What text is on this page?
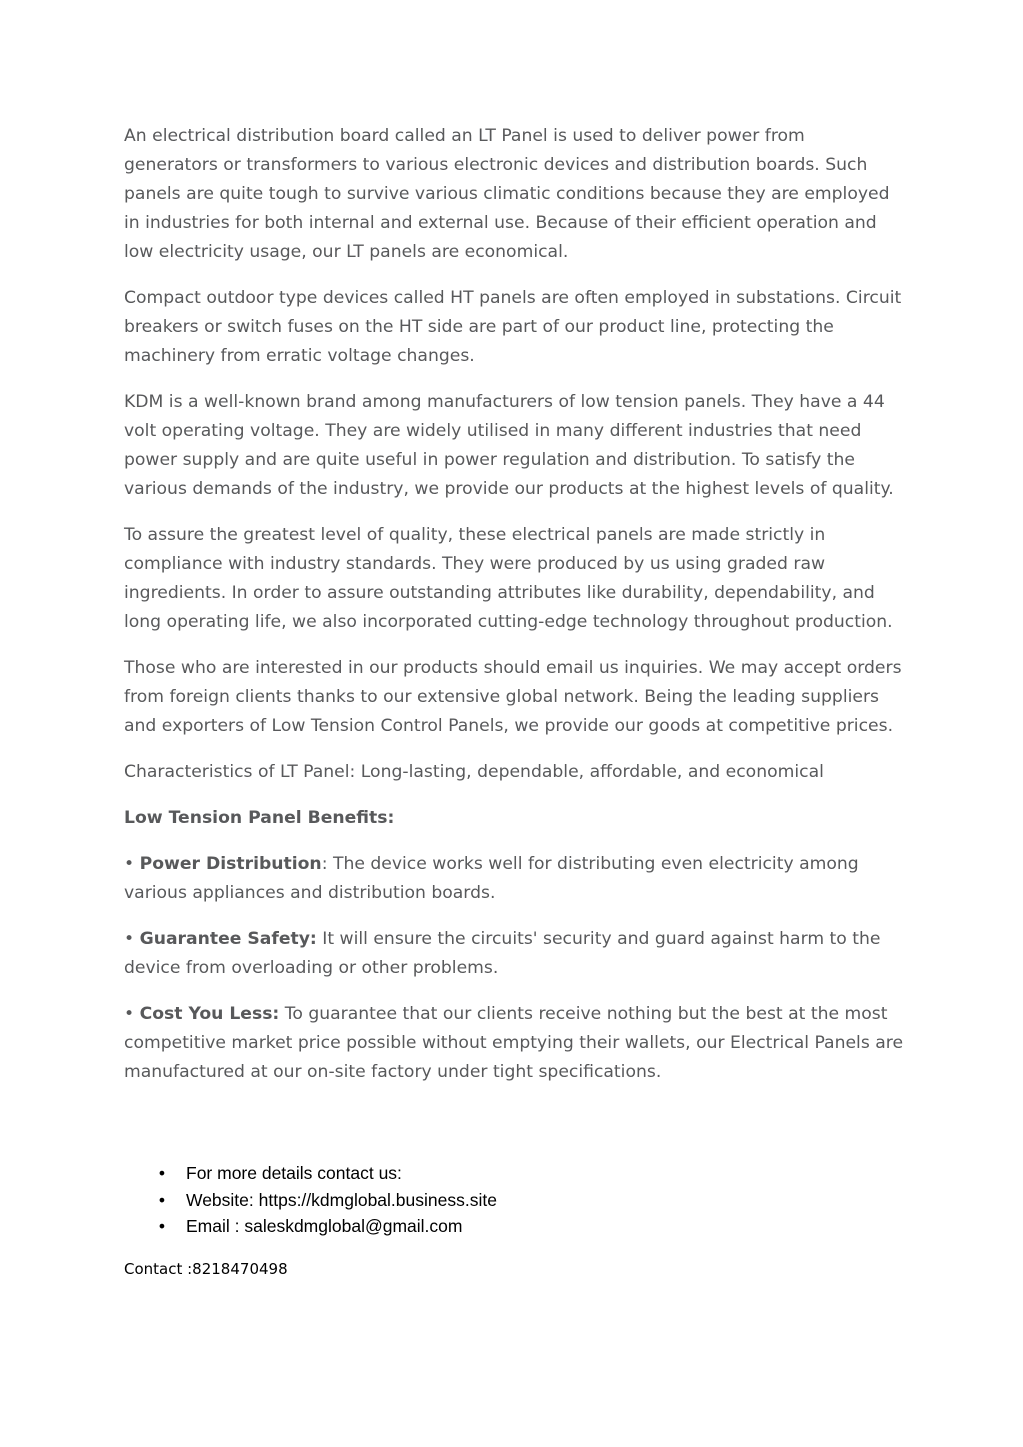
An electrical distribution board called an LT Panel is used to deliver power from generators or transformers to various electronic devices and distribution boards. Such panels are quite tough to survive various climatic conditions because they are employed in industries for both internal and external use. Because of their efficient operation and low electricity usage, our LT panels are economical.

Compact outdoor type devices called HT panels are often employed in substations. Circuit breakers or switch fuses on the HT side are part of our product line, protecting the machinery from erratic voltage changes.

KDM is a well-known brand among manufacturers of low tension panels. They have a 44 volt operating voltage. They are widely utilised in many different industries that need power supply and are quite useful in power regulation and distribution. To satisfy the various demands of the industry, we provide our products at the highest levels of quality.

To assure the greatest level of quality, these electrical panels are made strictly in compliance with industry standards. They were produced by us using graded raw ingredients. In order to assure outstanding attributes like durability, dependability, and long operating life, we also incorporated cutting-edge technology throughout production.

Those who are interested in our products should email us inquiries. We may accept orders from foreign clients thanks to our extensive global network. Being the leading suppliers and exporters of Low Tension Control Panels, we provide our goods at competitive prices.

Characteristics of LT Panel: Long-lasting, dependable, affordable, and economical

Low Tension Panel Benefits:

• Power Distribution: The device works well for distributing even electricity among various appliances and distribution boards.

• Guarantee Safety: It will ensure the circuits' security and guard against harm to the device from overloading or other problems.

• Cost You Less: To guarantee that our clients receive nothing but the best at the most competitive market price possible without emptying their wallets, our Electrical Panels are manufactured at our on-site factory under tight specifications.

• For more details contact us:
• Website: https://kdmglobal.business.site
• Email : saleskdmglobal@gmail.com
Contact :8218470498
